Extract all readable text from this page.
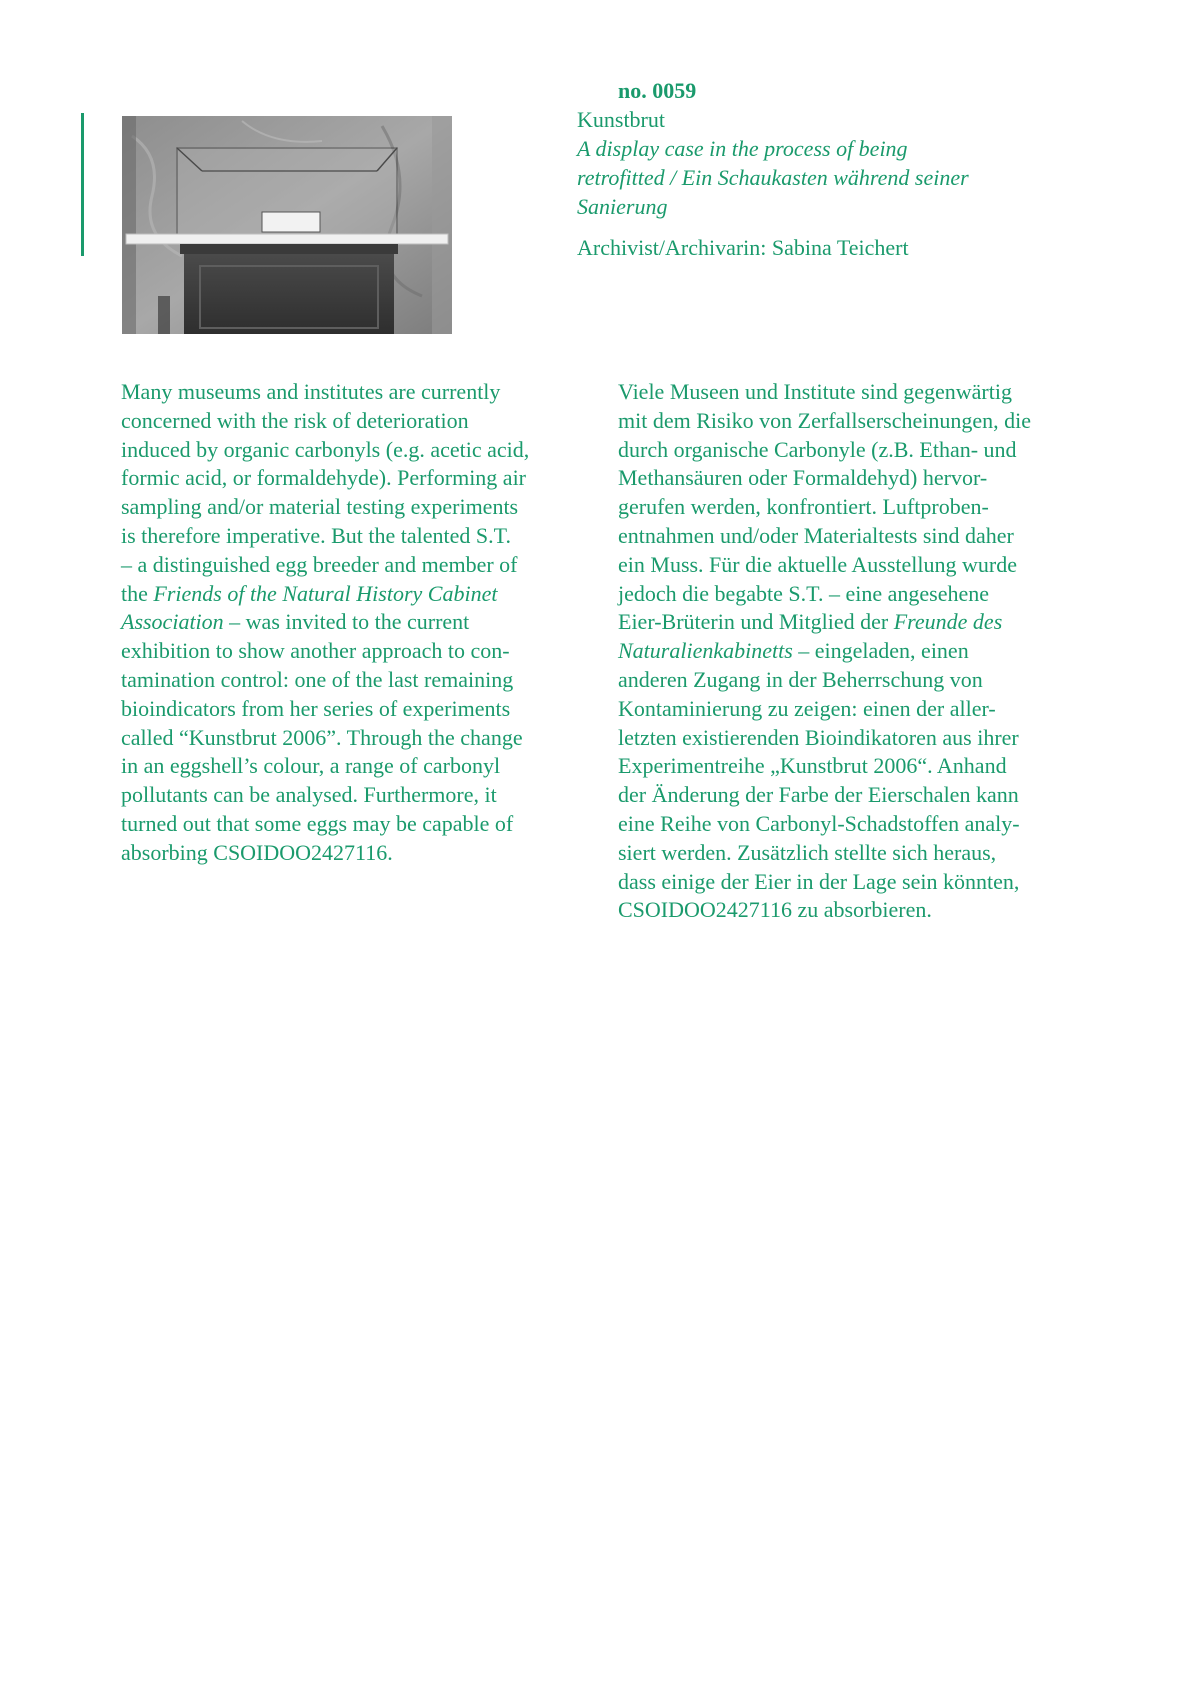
no. 0059

Kunstbrut

A display case in the process of being
retrofitted / Ein Schaukasten während seiner
Sanierung

Archivist/Archivarin: Sabina Teichert

Many museums and institutes are currently
concerned with the risk of deterioration
induced by organic carbonyls (e.g. acetic acid,
formic acid, or formaldehyde). Performing air
sampling and/or material testing experiments
is therefore imperative. But the talented S.T.
– a distinguished egg breeder and member of
the Friends of the Natural History Cabinet
Association – was invited to the current
exhibition to show another approach to con-
tamination control: one of the last remaining
bioindicators from her series of experiments
called “Kunstbrut 2006”. Through the change
in an eggshell’s colour, a range of carbonyl
pollutants can be analysed. Furthermore, it
turned out that some eggs may be capable of
absorbing CSOIDOO2427116.

Viele Museen und Institute sind gegenwärtig
mit dem Risiko von Zerfallserscheinungen, die
durch organische Carbonyle (z.B. Ethan- und
Methansäuren oder Formaldehyd) hervor-
gerufen werden, konfrontiert. Luftproben-
entnahmen und/oder Materialtests sind daher
ein Muss. Für die aktuelle Ausstellung wurde
jedoch die begabte S.T. – eine angesehene
Eier-Brüterin und Mitglied der Freunde des
Naturalienkabinetts – eingeladen, einen
anderen Zugang in der Beherrschung von
Kontaminierung zu zeigen: einen der aller-
letzten existierenden Bioindikatoren aus ihrer
Experimentreihe „Kunstbrut 2006“. Anhand
der Änderung der Farbe der Eierschalen kann
eine Reihe von Carbonyl-Schadstoffen analy-
siert werden. Zusätzlich stellte sich heraus,
dass einige der Eier in der Lage sein könnten,
CSOIDOO2427116 zu absorbieren.
